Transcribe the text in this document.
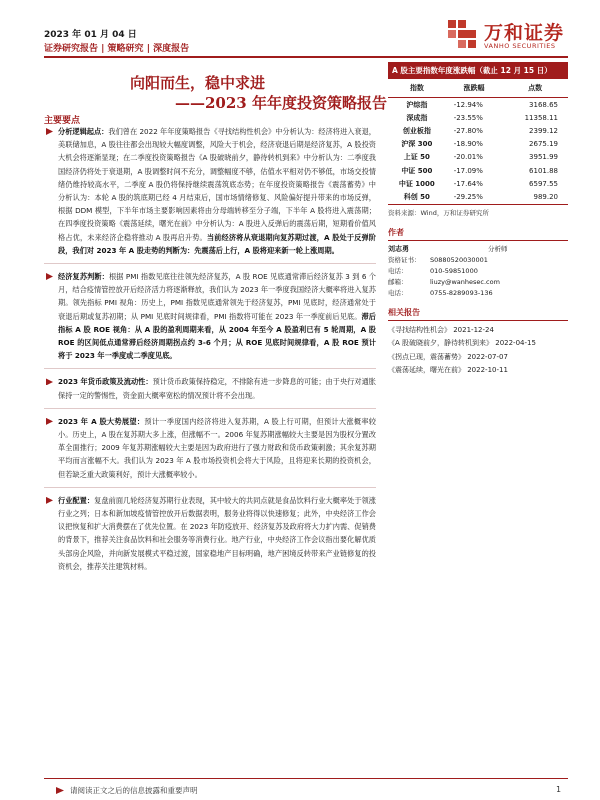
2023 年 01 月 04 日
证券研究报告 | 策略研究 | 深度报告
万和证券
VANHO SECURITIES
向阳而生，稳中求进
——2023 年年度投资策略报告
主要要点
分析逻辑起点：我们曾在 2022 年年度策略报告《寻找结构性机会》中分析认为：经济将进入衰退，美联储加息，A 股往往都会出现较大幅度调整，风险大于机会，经济衰退后期是经济复苏，A 股投资大机会将逐渐显现；在二季度投资策略报告《A 股破晓前夕，静待转机到来》中分析认为：二季度我国经济仍将处于衰退期，A 股调整时间不充分，调整幅度不够，估值水平相对仍不够低，市场交投情绪仍维持较高水平，二季度 A 股仍将保持继续震荡筑底态势；在年度投资策略报告《震荡蓄势》中分析认为：本轮 A 股的筑底期已经 4 月结束后，国市场情绪修复、风险偏好提升带来的市场反弹，根据 DDM 模型，下半年市场主要影响因素将由分母端转移至分子端，下半年 A 股将进入震荡期；在四季度投资策略《震荡延续，曙光在前》中分析认为：A 股进入反弹后的震荡后期，短期看价值风格占优，未来经济企稳将推动 A 股再启升势。当前经济将从衰退期向复苏期过渡，A 股处于反弹阶段，我们对 2023 年 A 股走势的判断为：先震荡后上行，A 股将迎来新一轮上涨周期。
经济复苏判断：根据 PMI 指数见底往往领先经济复苏，A 股 ROE 见底通常滞后经济复苏 3 到 6 个月，结合疫情管控放开后经济活力将逐渐释放，我们认为 2023 年一季度我国经济大概率将进入复苏期。领先指标 PMI 视角：历史上，PMI 指数见底通常领先于经济复苏，PMI 见底时，经济通常处于衰退后期或复苏初期；从 PMI 见底时间规律看，PMI 指数将可能在 2023 年一季度前后见底。滞后指标 A 股 ROE 视角：从 A 股的盈利周期来看，从 2004 年至今 A 股盈利已有 5 轮周期，A 股 ROE 的区间低点通常滞后经济周期拐点约 3-6 个月；从 ROE 见底时间规律看，A 股 ROE 预计将于 2023 年一季度或二季度见底。
2023 年货币政策及流动性：预计货币政策保持稳定，不排除有进一步降息的可能；由于央行对通胀保持一定的警惕性，资金面大概率宽松的情况预计将不会出现。
2023 年 A 股大势展望：预计一季度国内经济将进入复苏期，A 股上行可期，但预计大涨概率较小。历史上，A 股在复苏期大多上涨，但涨幅不一。2006 年复苏期涨幅较大主要是因为股权分置改革全面推行；2009 年复苏期涨幅较大主要是因为政府进行了强力财政和货币政策刺激；其余复苏期平均而言涨幅不大。我们认为 2023 年 A 股市场投资机会将大于风险，且将迎来长期的投资机会，但若缺乏重大政策利好，预计大涨概率较小。
行业配置：复盘前面几轮经济复苏期行业表现，其中较大的共同点就是食品饮料行业大概率处于领涨行业之列；日本和新加坡疫情管控放开后数据表明，服务业将得以快速修复；此外，中央经济工作会议把恢复和扩大消费摆在了优先位置。在 2023 年防疫放开、经济复苏及政府将大力扩内需、促销费的背景下，推荐关注食品饮料和社会服务等消费行业。地产行业，中央经济工作会议指出要化解优质头部房企风险，并向新发展模式平稳过渡，国家稳地产目标明确，地产困境反转带来产业链修复的投资机会，推荐关注建筑材料。
A 股主要指数年度涨跌幅（截止 12 月 15 日）
指数	涨跌幅	点数
沪综指	-12.94%	3168.65
深成指	-23.55%	11358.11
创业板指	-27.80%	2399.12
沪深 300	-18.90%	2675.19
上证 50	-20.01%	3951.99
中证 500	-17.09%	6101.88
中证 1000	-17.64%	6597.55
科创 50	-29.25%	989.20
资料来源：Wind，万和证券研究所
作者
刘志勇	分析师
资格证书： S0880520030001
电话：	010-59851000
邮箱：	liuzy@wanhesec.com
电话：	0755-8289093-136
相关报告
《寻找结构性机会》 2021-12-24
《A 股破晓前夕，静待转机到来》 2022-04-15
《拐点已现，震荡蓄势》 2022-07-07
《震荡延续，曙光在前》 2022-10-11
请阅读正文之后的信息披露和重要声明	1
